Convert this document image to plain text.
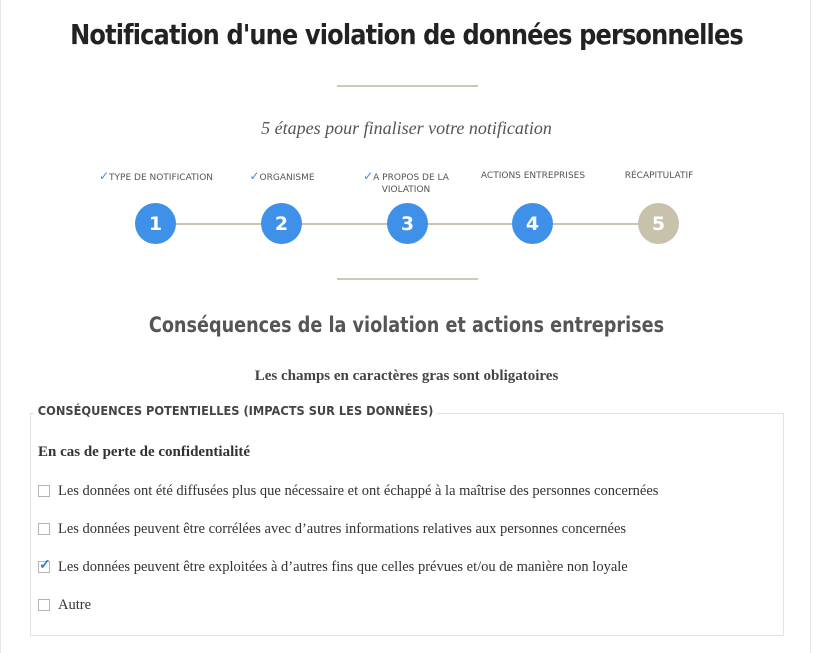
Notification d'une violation de données personnelles
5 étapes pour finaliser votre notification
✓TYPE DE NOTIFICATION	✓ORGANISME	✓A PROPOS DE LA VIOLATION
ACTIONS ENTREPRISES	RÉCAPITULATIF
1	2	3	4	5
Conséquences de la violation et actions entreprises
Les champs en caractères gras sont obligatoires
CONSÉQUENCES POTENTIELLES (IMPACTS SUR LES DONNÉES)
En cas de perte de confidentialité
Les données ont été diffusées plus que nécessaire et ont échappé à la maîtrise des personnes concernées
Les données peuvent être corrélées avec d’autres informations relatives aux personnes concernées
✓ Les données peuvent être exploitées à d’autres fins que celles prévues et/ou de manière non loyale
Autre
